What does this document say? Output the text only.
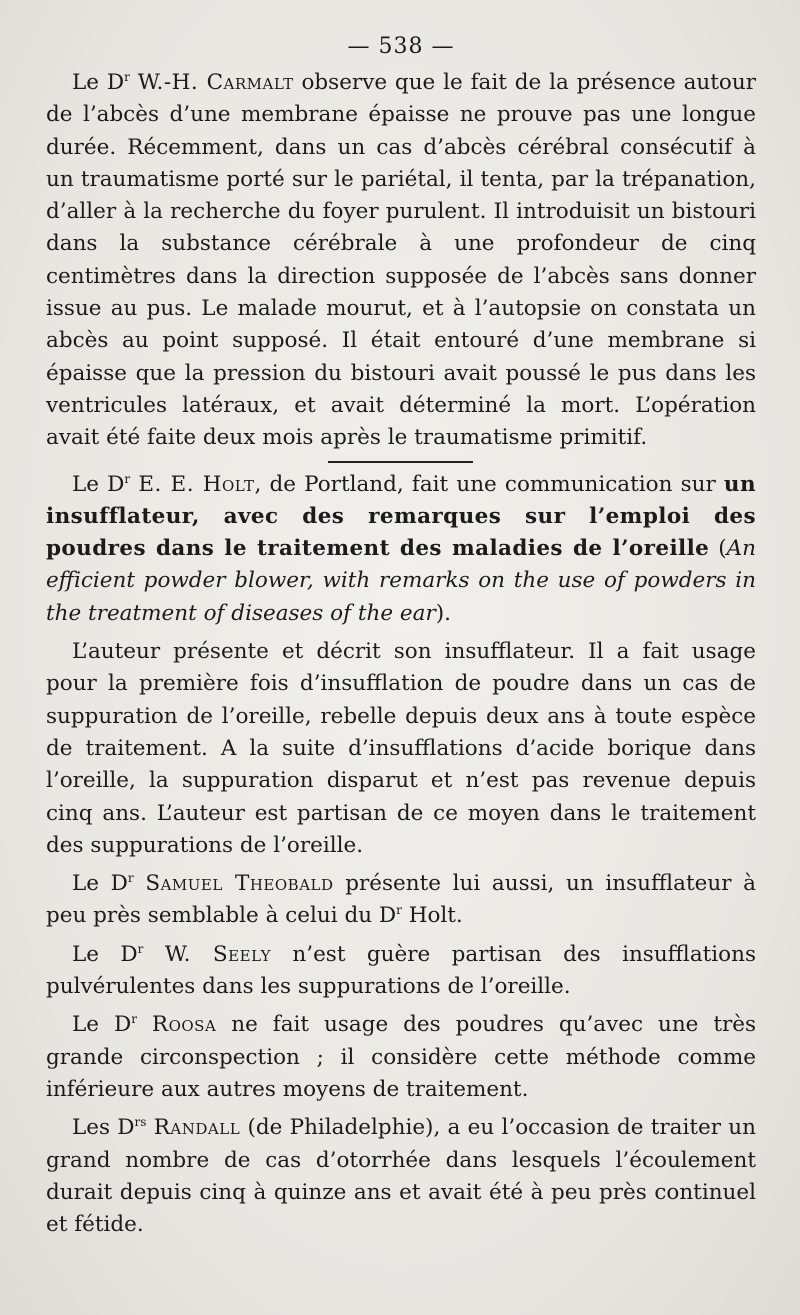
— 538 —

Le $D^r$ W.-H. Carmalt observe que le fait de la présence autour de l’abcès d’une membrane épaisse ne prouve pas une longue durée. Récemment, dans un cas d’abcès cérébral consécutif à un traumatisme porté sur le pariétal, il tenta, par la trépanation, d’aller à la recherche du foyer purulent. Il introduisit un bistouri dans la substance cérébrale à une profondeur de cinq centimètres dans la direction supposée de l’abcès sans donner issue au pus. Le malade mourut, et à l’autopsie on constata un abcès au point supposé. Il était entouré d’une membrane si épaisse que la pression du bistouri avait poussé le pus dans les ventricules latéraux, et avait déterminé la mort. L’opération avait été faite deux mois après le traumatisme primitif.

Le $D^r$ E. E. Holt, de Portland, fait une communication sur un insufflateur, avec des remarques sur l’emploi des poudres dans le traitement des maladies de l’oreille (An efficient powder blower, with remarks on the use of powders in the treatment of diseases of the ear).

L’auteur présente et décrit son insufflateur. Il a fait usage pour la première fois d’insufflation de poudre dans un cas de suppuration de l’oreille, rebelle depuis deux ans à toute espèce de traitement. A la suite d’insufflations d’acide borique dans l’oreille, la suppuration disparut et n’est pas revenue depuis cinq ans. L’auteur est partisan de ce moyen dans le traitement des suppurations de l’oreille.

Le $D^r$ Samuel Theobald présente lui aussi, un insufflateur à peu près semblable à celui du $D^r$ Holt.

Le $D^r$ W. Seely n’est guère partisan des insufflations pulvérulentes dans les suppurations de l’oreille.

Le $D^r$ Roosa ne fait usage des poudres qu’avec une très grande circonspection ; il considère cette méthode comme inférieure aux autres moyens de traitement.

Les $D^{rs}$ Randall (de Philadelphie), a eu l’occasion de traiter un grand nombre de cas d’otorrhée dans lesquels l’écoulement durait depuis cinq à quinze ans et avait été à peu près continuel et fétide.
